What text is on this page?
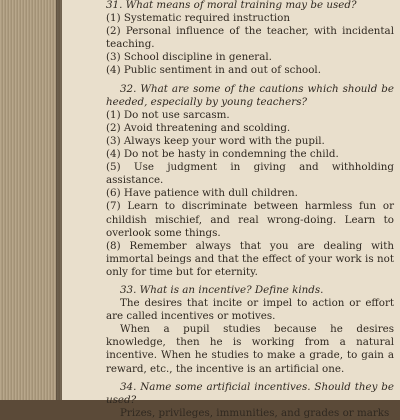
31. What means of moral training may be used?

(1) Systematic required instruction

(2) Personal influence of the teacher, with incidental teaching.

(3) School discipline in general.

(4) Public sentiment in and out of school.

32. What are some of the cautions which should be heeded, especially by young teachers?

(1) Do not use sarcasm.

(2) Avoid threatening and scolding.

(3) Always keep your word with the pupil.

(4) Do not be hasty in condemning the child.

(5) Use judgment in giving and withholding assistance.

(6) Have patience with dull children.

(7) Learn to discriminate between harmless fun or childish mischief, and real wrong-doing. Learn to overlook some things.

(8) Remember always that you are dealing with immortal beings and that the effect of your work is not only for time but for eternity.

33. What is an incentive? Define kinds.

The desires that incite or impel to action or effort are called incentives or motives.

When a pupil studies because he desires knowledge, then he is working from a natural incentive. When he studies to make a grade, to gain a reward, etc., the incentive is an artificial one.

34. Name some artificial incentives. Should they be used?

Prizes, privileges, immunities, and grades or marks
